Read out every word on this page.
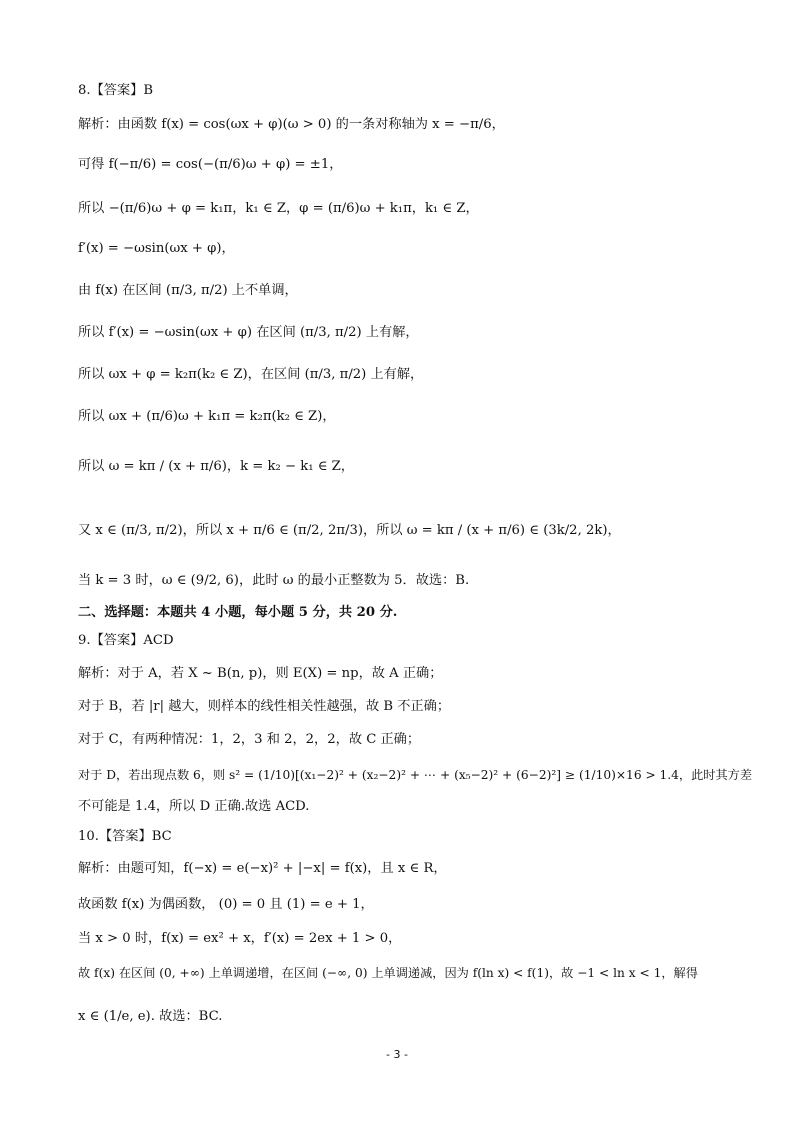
8.【答案】B
解析：由函数 f(x) = cos(ωx + φ)(ω > 0) 的一条对称轴为 x = −π/6，
可得 f(−π/6) = cos(−(π/6)ω + φ) = ±1，
所以 −(π/6)ω + φ = k₁π，k₁ ∈ Z，φ = (π/6)ω + k₁π，k₁ ∈ Z，
f′(x) = −ωsin(ωx + φ)，
由 f(x) 在区间 (π/3, π/2) 上不单调，
所以 f′(x) = −ωsin(ωx + φ) 在区间 (π/3, π/2) 上有解，
所以 ωx + φ = k₂π(k₂ ∈ Z)，在区间 (π/3, π/2) 上有解，
所以 ωx + (π/6)ω + k₁π = k₂π(k₂ ∈ Z)，
所以 ω = kπ / (x + π/6)，k = k₂ − k₁ ∈ Z，
又 x ∈ (π/3, π/2)，所以 x + π/6 ∈ (π/2, 2π/3)，所以 ω = kπ / (x + π/6) ∈ (3k/2, 2k)，
当 k = 3 时，ω ∈ (9/2, 6)，此时 ω 的最小正整数为 5．故选：B.
二、选择题：本题共 4 小题，每小题 5 分，共 20 分.
9.【答案】ACD
解析：对于 A，若 X ~ B(n, p)，则 E(X) = np，故 A 正确；
对于 B，若 |r| 越大，则样本的线性相关性越强，故 B 不正确；
对于 C，有两种情况：1，2，3 和 2，2，2，故 C 正确；
对于 D，若出现点数 6，则 s² = (1/10)[(x₁−2)² + (x₂−2)² + ⋯ + (x₅−2)² + (6−2)²] ≥ (1/10)×16 > 1.4，此时其方差
不可能是 1.4，所以 D 正确.故选 ACD.
10.【答案】BC
解析：由题可知，f(−x) = e(−x)² + |−x| = f(x)，且 x ∈ R，
故函数 f(x) 为偶函数， (0) = 0 且 (1) = e + 1，
当 x > 0 时，f(x) = ex² + x，f′(x) = 2ex + 1 > 0，
故 f(x) 在区间 (0, +∞) 上单调递增，在区间 (−∞, 0) 上单调递减，因为 f(ln x) < f(1)，故 −1 < ln x < 1，解得
x ∈ (1/e, e). 故选：BC.
- 3 -
